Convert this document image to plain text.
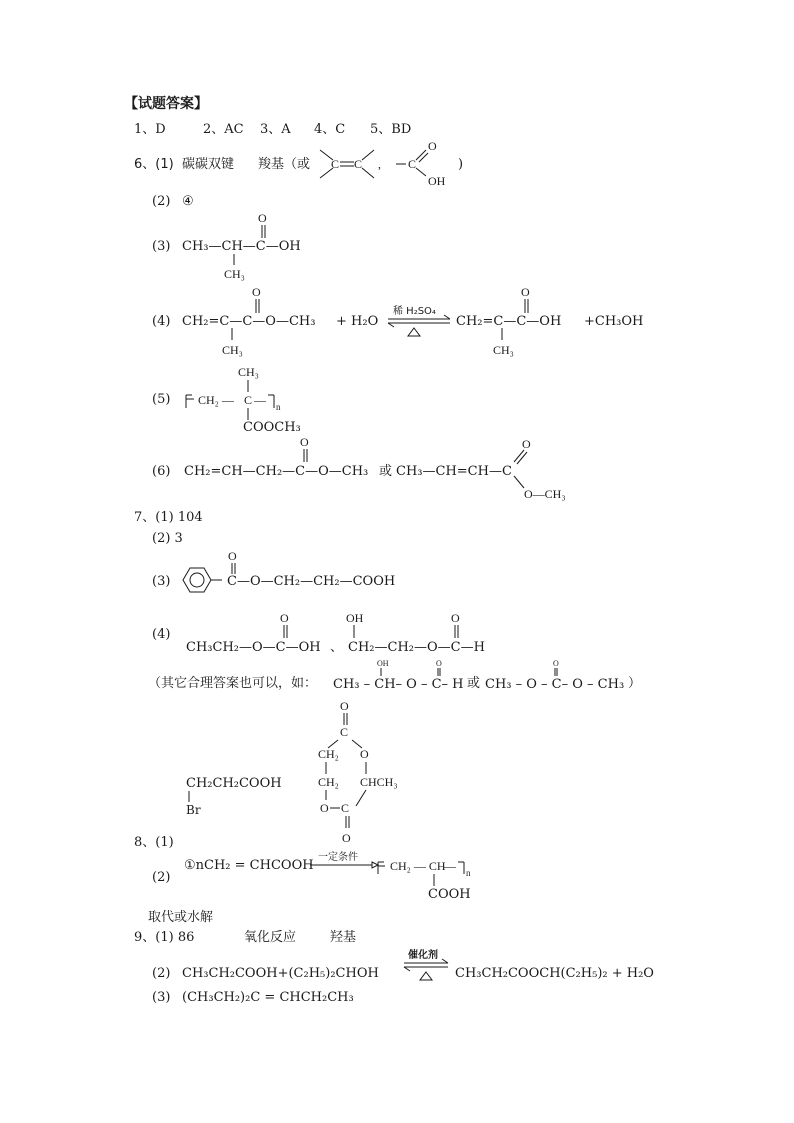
【试题答案】
1、D	2、AC 3、A 4、C 5、BD
6、(1) 碳碳双键 羧基（或	)
C C , C
O
OH
(2) ④
(3) CH₃—CH—C—OH
O
CH₃
(4) CH₂=C—C—O—CH₃ + H₂O
稀 H₂SO₄
CH₂=C—C—OH +CH₃OH
O
CH₃
O
CH₃
(5) CH₂ — C — n
CH₃
COOCH₃
(6) CH₂=CH—CH₂—C—O—CH₃ 或 CH₃—CH=CH—C
O	O
O—CH₃
7、(1) 104
(2) 3
(3)
O
C—O—CH₂—CH₂—COOH
(4)
CH₃CH₂—O—C—OH 、 CH₂—CH₂—O—C—H
O	OH	O
（其它合理答案也可以，如： CH₃ – CH– O – C– H 或 CH₃ – O – C– O – CH₃ ）
OH	O	O
CH₂CH₂COOH
Br
O
C
CH₂ O
CH₂ CHCH₃
O C
O
8、(1)
(2)
①nCH₂ = CHCOOH
一定条件
CH₂ — CH
— n
COOH
取代或水解
9、(1) 86	氧化反应	羟基
(2) CH₃CH₂COOH+(C₂H₅)₂CHOH
催化剂
CH₃CH₂COOCH(C₂H₅)₂ + H₂O
(3) (CH₃CH₂)₂C = CHCH₂CH₃
